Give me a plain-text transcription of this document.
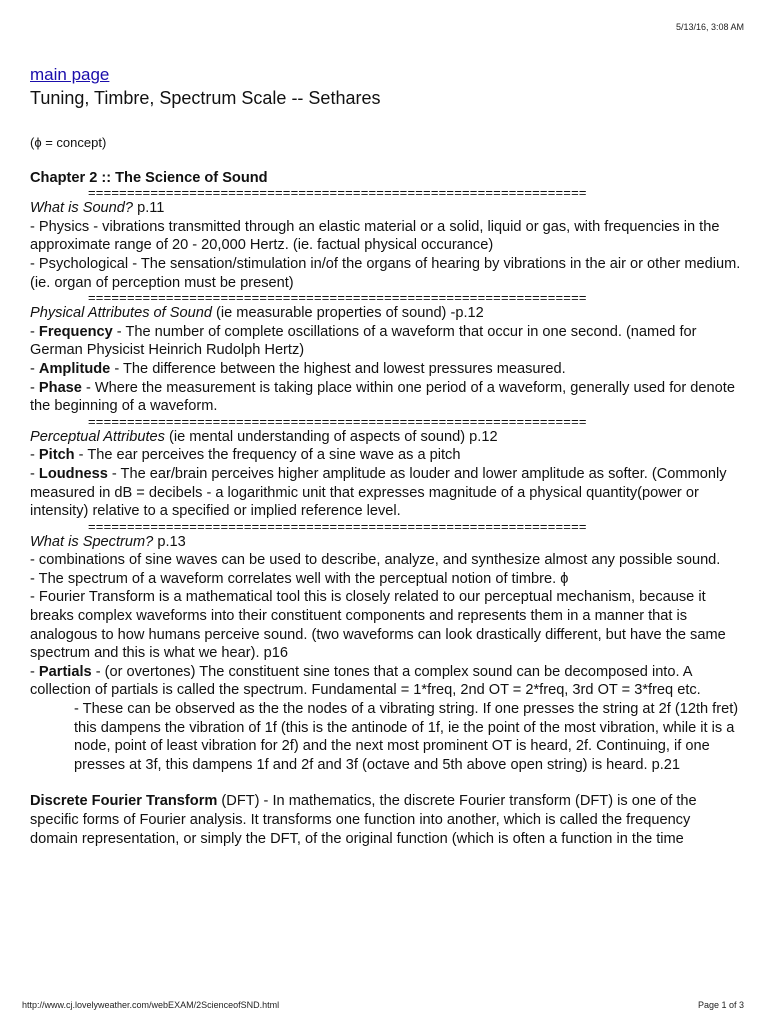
5/13/16, 3:08 AM
main page
Tuning, Timbre, Spectrum Scale -- Sethares

(ϕ = concept)

Chapter 2 :: The Science of Sound

================================================================

What is Sound? p.11

- Physics - vibrations transmitted through an elastic material or a solid, liquid or gas, with frequencies in the approximate range of 20 - 20,000 Hertz. (ie. factual physical occurance)

- Psychological - The sensation/stimulation in/of the organs of hearing by vibrations in the air or other medium. (ie. organ of perception must be present)

================================================================

Physical Attributes of Sound (ie measurable properties of sound) -p.12

- Frequency - The number of complete oscillations of a waveform that occur in one second. (named for German Physicist Heinrich Rudolph Hertz)

- Amplitude - The difference between the highest and lowest pressures measured.

- Phase - Where the measurement is taking place within one period of a waveform, generally used for denote the beginning of a waveform.

================================================================

Perceptual Attributes (ie mental understanding of aspects of sound) p.12

- Pitch - The ear perceives the frequency of a sine wave as a pitch

- Loudness - The ear/brain perceives higher amplitude as louder and lower amplitude as softer. (Commonly measured in dB = decibels - a logarithmic unit that expresses magnitude of a physical quantity(power or intensity) relative to a specified or implied reference level.

================================================================

What is Spectrum? p.13

- combinations of sine waves can be used to describe, analyze, and synthesize almost any possible sound.

- The spectrum of a waveform correlates well with the perceptual notion of timbre. ϕ

- Fourier Transform is a mathematical tool this is closely related to our perceptual mechanism, because it breaks complex waveforms into their constituent components and represents them in a manner that is analogous to how humans perceive sound. (two waveforms can look drastically different, but have the same spectrum and this is what we hear). p16

- Partials - (or overtones) The constituent sine tones that a complex sound can be decomposed into. A collection of partials is called the spectrum. Fundamental = 1*freq, 2nd OT = 2*freq, 3rd OT = 3*freq etc.

- These can be observed as the the nodes of a vibrating string. If one presses the string at 2f (12th fret) this dampens the vibration of 1f (this is the antinode of 1f, ie the point of the most vibration, while it is a node, point of least vibration for 2f) and the next most prominent OT is heard, 2f. Continuing, if one presses at 3f, this dampens 1f and 2f and 3f (octave and 5th above open string) is heard. p.21

Discrete Fourier Transform (DFT) - In mathematics, the discrete Fourier transform (DFT) is one of the specific forms of Fourier analysis. It transforms one function into another, which is called the frequency domain representation, or simply the DFT, of the original function (which is often a function in the time

http://www.cj.lovelyweather.com/webEXAM/2ScienceofSND.html	Page 1 of 3
